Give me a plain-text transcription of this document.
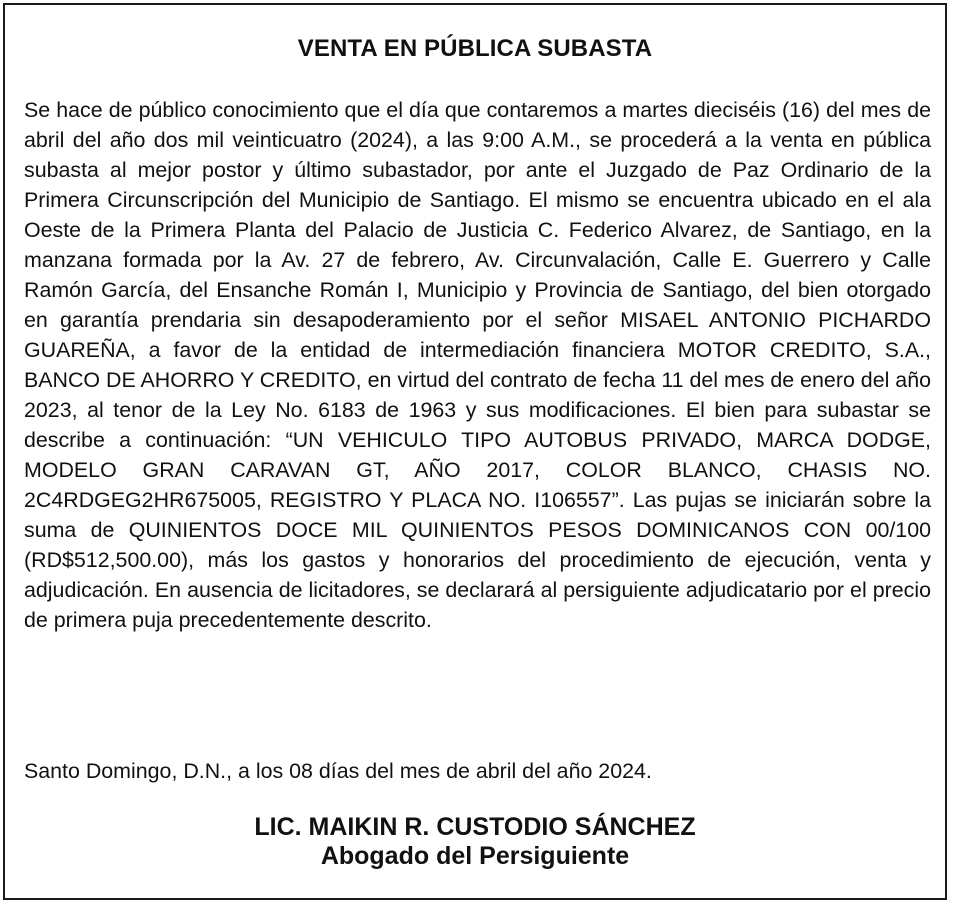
VENTA EN PÚBLICA SUBASTA

Se hace de público conocimiento que el día que contaremos a martes dieciséis (16) del mes de abril del año dos mil veinticuatro (2024), a las 9:00 A.M., se procederá a la venta en pública subasta al mejor postor y último subastador, por ante el Juzgado de Paz Ordinario de la Primera Circunscripción del Municipio de Santiago. El mismo se encuentra ubicado en el ala Oeste de la Primera Planta del Palacio de Justicia C. Federico Alvarez, de Santiago, en la manzana formada por la Av. 27 de febrero, Av. Circunvalación, Calle E. Guerrero y Calle Ramón García, del Ensanche Román I, Municipio y Provincia de Santiago, del bien otorgado en garantía prendaria sin desapoderamiento por el señor MISAEL ANTONIO PICHARDO GUAREÑA, a favor de la entidad de intermediación financiera MOTOR CREDITO, S.A., BANCO DE AHORRO Y CREDITO, en virtud del contrato de fecha 11 del mes de enero del año 2023, al tenor de la Ley No. 6183 de 1963 y sus modificaciones. El bien para subastar se describe a continuación: “UN VEHICULO TIPO AUTOBUS PRIVADO, MARCA DODGE, MODELO GRAN CARAVAN GT, AÑO 2017, COLOR BLANCO, CHASIS NO. 2C4RDGEG2HR675005, REGISTRO Y PLACA NO. I106557”. Las pujas se iniciarán sobre la suma de QUINIENTOS DOCE MIL QUINIENTOS PESOS DOMINICANOS CON 00/100 (RD$512,500.00), más los gastos y honorarios del procedimiento de ejecución, venta y adjudicación. En ausencia de licitadores, se declarará al persiguiente adjudicatario por el precio de primera puja precedentemente descrito.

Santo Domingo, D.N., a los 08 días del mes de abril del año 2024.

LIC. MAIKIN R. CUSTODIO SÁNCHEZ
Abogado del Persiguiente
